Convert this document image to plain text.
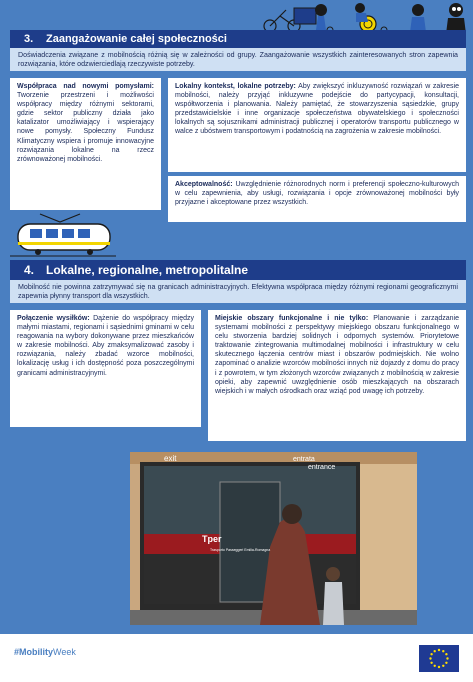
3.	Zaangażowanie całej społeczności
Doświadczenia związane z mobilnością różnią się w zależności od grupy. Zaangażowanie wszystkich zainteresowanych stron zapewnia rozwiązania, które odzwierciedlają rzeczywiste potrzeby.
Współpraca nad nowymi pomysłami: Tworzenie przestrzeni i możliwości współpracy między różnymi sektorami, gdzie sektor publiczny działa jako katalizator umożliwiający i wspierający nowe pomysły. Społeczny Fundusz Klimatyczny wspiera i promuje innowacyjne rozwiązania lokalne na rzecz zrównoważonej mobilności.
Lokalny kontekst, lokalne potrzeby: Aby zwiększyć inkluzywność rozwiązań w zakresie mobilności, należy przyjąć inkluzywne podejście do partycypacji, konsultacji, współtworzenia i planowania. Należy pamiętać, że stowarzyszenia sąsiedzkie, grupy przedstawicielskie i inne organizacje społeczeństwa obywatelskiego i społeczności lokalnych są sojusznikami administracji publicznej i operatorów transportu publicznego w walce z ubóstwem transportowym i podatnością na zagrożenia w zakresie mobilności.
Akceptowalność: Uwzględnienie różnorodnych norm i preferencji społeczno-kulturowych w celu zapewnienia, aby usługi, rozwiązania i opcje zrównoważonej mobilności były przyjazne i akceptowane przez wszystkich.
4. Lokalne, regionalne, metropolitalne
Mobilność nie powinna zatrzymywać się na granicach administracyjnych. Efektywna współpraca między różnymi regionami geograficznymi zapewnia płynny transport dla wszystkich.
Połączenie wysiłków: Dążenie do współpracy między małymi miastami, regionami i sąsiednimi gminami w celu reagowania na wybory dokonywane przez mieszkańców w zakresie mobilności. Aby zmaksymalizować zasoby i rozwiązania, należy zbadać wzorce mobilności, lokalizację usług i ich dostępność poza poszczególnymi granicami administracyjnymi.
Miejskie obszary funkcjonalne i nie tylko: Planowanie i zarządzanie systemami mobilności z perspektywy miejskiego obszaru funkcjonalnego w celu stworzenia bardziej solidnych i odpornych systemów. Priorytetowe traktowanie zintegrowania multimodalnej mobilności i infrastruktury w celu skutecznego łączenia centrów miast i obszarów podmiejskich. Nie wolno zapominać o analizie wzorców mobilności innych niż dojazdy z domu do pracy i z powrotem, w tym złożonych wzorców związanych z mobilnością w zakresie opieki, aby zapewnić uwzględnienie osób mieszkających na obszarach wiejskich i w małych ośrodkach oraz wziąć pod uwagę ich potrzeby.
exit	entrata
entrance
Tper
Trasporto Passeggeri Emilia-Romagna
#MobilityWeek
